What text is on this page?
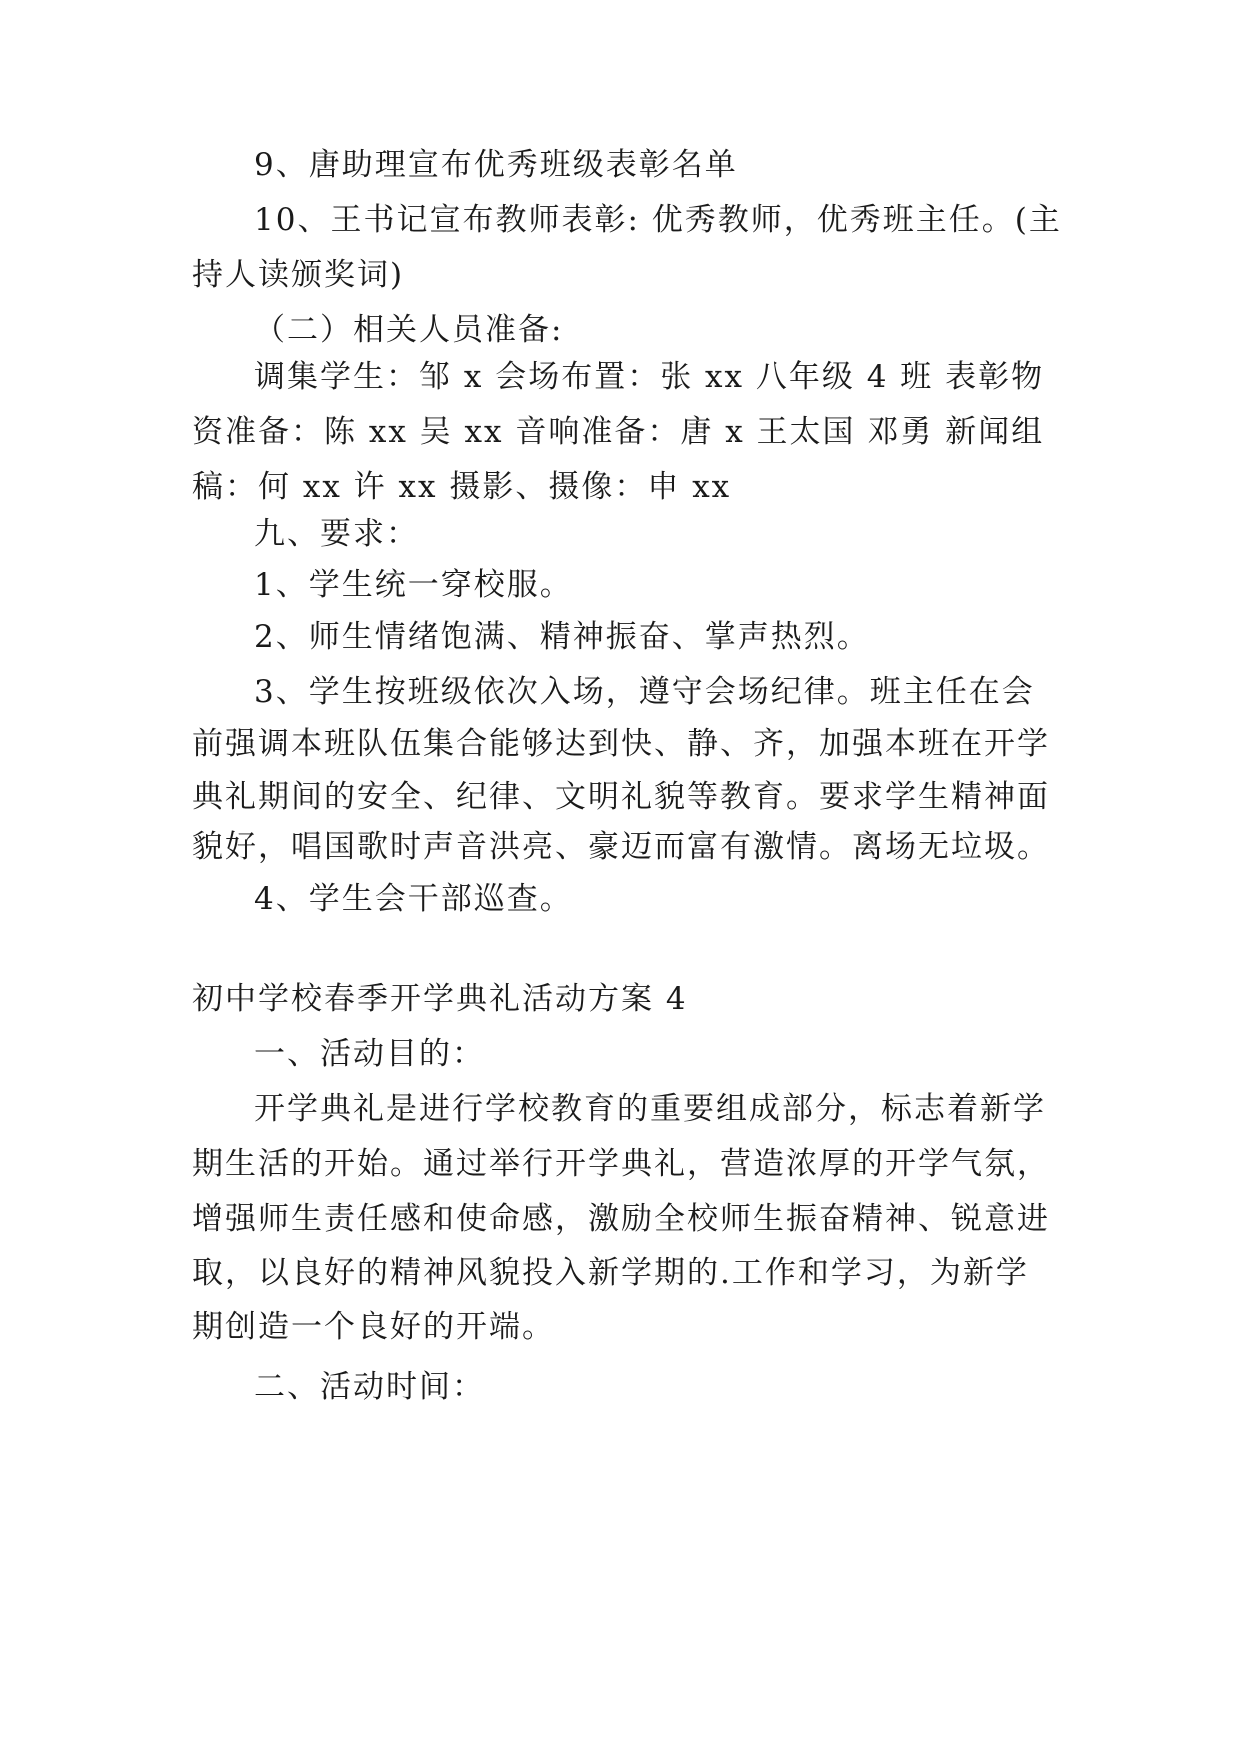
9、唐助理宣布优秀班级表彰名单

10、王书记宣布教师表彰: 优秀教师，优秀班主任。(主

持人读颁奖词)

（二）相关人员准备:

调集学生：邹 x 会场布置：张 xx 八年级 4 班 表彰物

资准备：陈 xx 吴 xx 音响准备：唐 x 王太国 邓勇 新闻组

稿：何 xx 许 xx 摄影、摄像：申 xx

九、要求：

1、学生统一穿校服。

2、师生情绪饱满、精神振奋、掌声热烈。

3、学生按班级依次入场，遵守会场纪律。班主任在会

前强调本班队伍集合能够达到快、静、齐，加强本班在开学

典礼期间的安全、纪律、文明礼貌等教育。要求学生精神面

貌好，唱国歌时声音洪亮、豪迈而富有激情。离场无垃圾。

4、学生会干部巡查。

初中学校春季开学典礼活动方案 4

一、活动目的：

开学典礼是进行学校教育的重要组成部分，标志着新学

期生活的开始。通过举行开学典礼，营造浓厚的开学气氛，

增强师生责任感和使命感，激励全校师生振奋精神、锐意进

取，以良好的精神风貌投入新学期的.工作和学习，为新学

期创造一个良好的开端。

二、活动时间：
